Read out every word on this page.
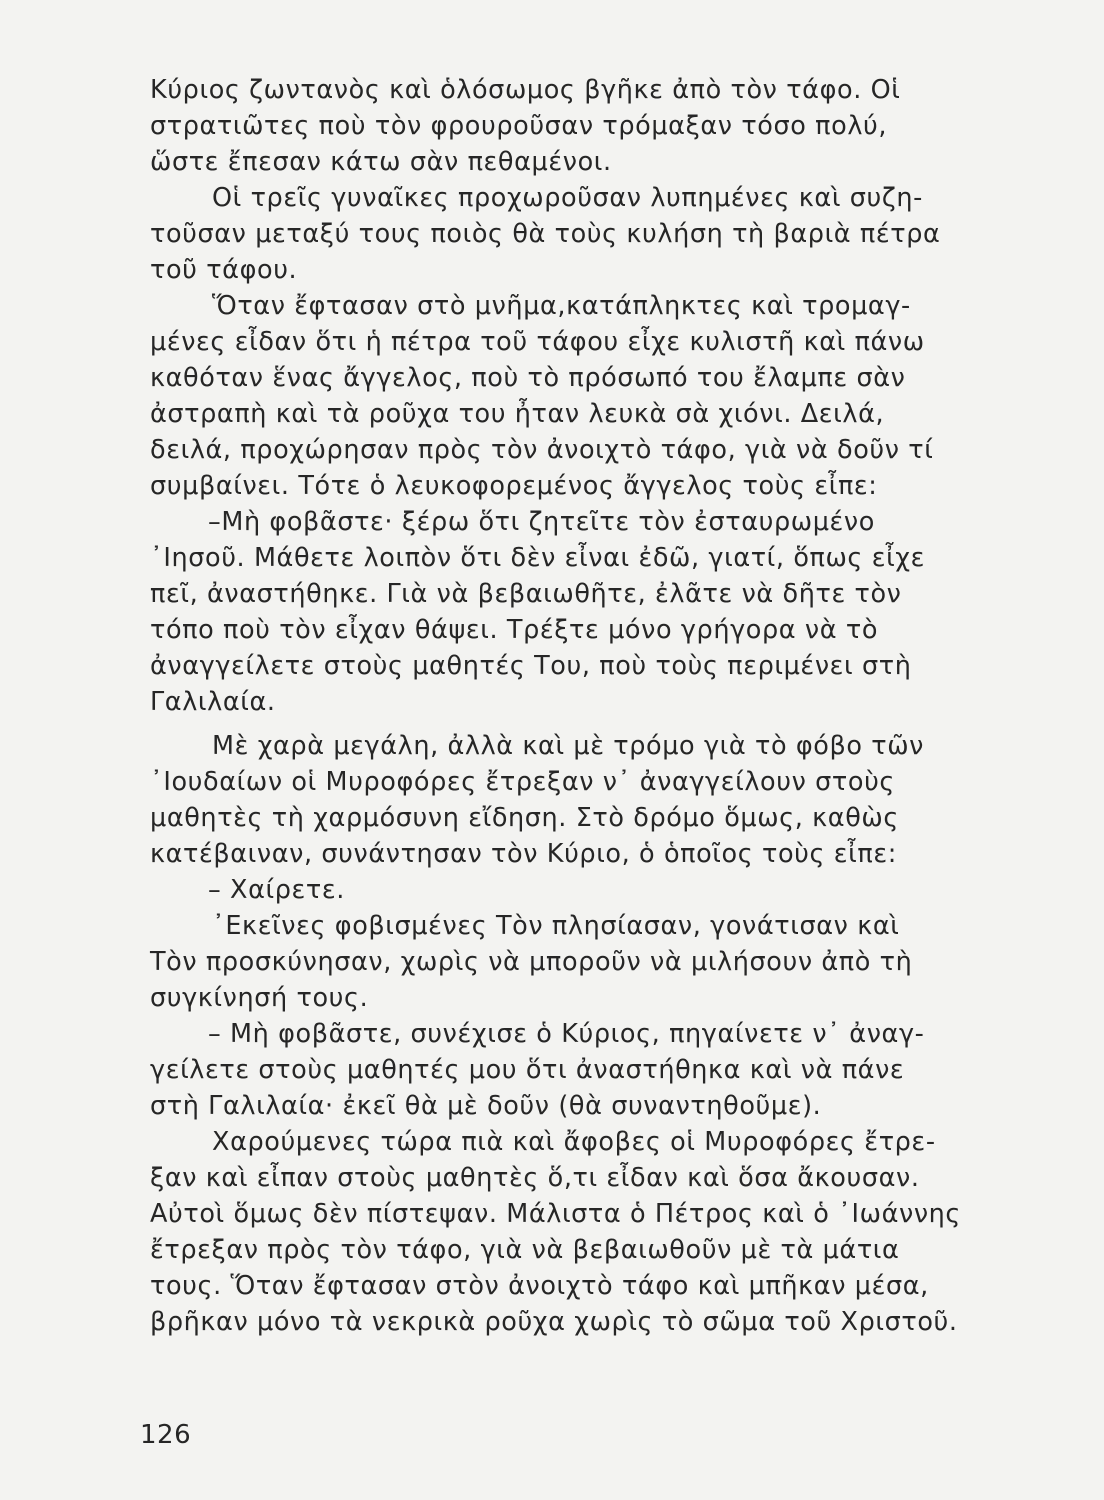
Κύριος ζωντανὸς καὶ ὁλόσωμος βγῆκε ἀπὸ τὸν τάφο. Οἱ
στρατιῶτες ποὺ τὸν φρουροῦσαν τρόμαξαν τόσο πολύ,
ὥστε ἔπεσαν κάτω σὰν πεθαμένοι.
Οἱ τρεῖς γυναῖκες προχωροῦσαν λυπημένες καὶ συζη-
τοῦσαν μεταξύ τους ποιὸς θὰ τοὺς κυλήση τὴ βαριὰ πέτρα
τοῦ τάφου.
Ὅταν ἔφτασαν στὸ μνῆμα,κατάπληκτες καὶ τρομαγ-
μένες εἶδαν ὅτι ἡ πέτρα τοῦ τάφου εἶχε κυλιστῆ καὶ πάνω
καθόταν ἕνας ἄγγελος, ποὺ τὸ πρόσωπό του ἔλαμπε σὰν
ἀστραπὴ καὶ τὰ ροῦχα του ἦταν λευκὰ σὰ χιόνι. Δειλά,
δειλά, προχώρησαν πρὸς τὸν ἀνοιχτὸ τάφο, γιὰ νὰ δοῦν τί
συμβαίνει. Τότε ὁ λευκοφορεμένος ἄγγελος τοὺς εἶπε:
–Μὴ φοβᾶστε· ξέρω ὅτι ζητεῖτε τὸν ἐσταυρωμένο
᾿Ιησοῦ. Μάθετε λοιπὸν ὅτι δὲν εἶναι ἐδῶ, γιατί, ὅπως εἶχε
πεῖ, ἀναστήθηκε. Γιὰ νὰ βεβαιωθῆτε, ἐλᾶτε νὰ δῆτε τὸν
τόπο ποὺ τὸν εἶχαν θάψει. Τρέξτε μόνο γρήγορα νὰ τὸ
ἀναγγείλετε στοὺς μαθητές Του, ποὺ τοὺς περιμένει στὴ
Γαλιλαία.
Μὲ χαρὰ μεγάλη, ἀλλὰ καὶ μὲ τρόμο γιὰ τὸ φόβο τῶν
᾿Ιουδαίων οἱ Μυροφόρες ἔτρεξαν ν᾿ ἀναγγείλουν στοὺς
μαθητὲς τὴ χαρμόσυνη εἴδηση. Στὸ δρόμο ὅμως, καθὼς
κατέβαιναν, συνάντησαν τὸν Κύριο, ὁ ὁποῖος τοὺς εἶπε:
– Χαίρετε.
᾿Εκεῖνες φοβισμένες Τὸν πλησίασαν, γονάτισαν καὶ
Τὸν προσκύνησαν, χωρὶς νὰ μποροῦν νὰ μιλήσουν ἀπὸ τὴ
συγκίνησή τους.
– Μὴ φοβᾶστε, συνέχισε ὁ Κύριος, πηγαίνετε ν᾿ ἀναγ-
γείλετε στοὺς μαθητές μου ὅτι ἀναστήθηκα καὶ νὰ πάνε
στὴ Γαλιλαία· ἐκεῖ θὰ μὲ δοῦν (θὰ συναντηθοῦμε).
Χαρούμενες τώρα πιὰ καὶ ἄφοβες οἱ Μυροφόρες ἔτρε-
ξαν καὶ εἶπαν στοὺς μαθητὲς ὅ,τι εἶδαν καὶ ὅσα ἄκουσαν.
Αὐτοὶ ὅμως δὲν πίστεψαν. Μάλιστα ὁ Πέτρος καὶ ὁ ᾿Ιωάννης
ἔτρεξαν πρὸς τὸν τάφο, γιὰ νὰ βεβαιωθοῦν μὲ τὰ μάτια
τους. Ὅταν ἔφτασαν στὸν ἀνοιχτὸ τάφο καὶ μπῆκαν μέσα,
βρῆκαν μόνο τὰ νεκρικὰ ροῦχα χωρὶς τὸ σῶμα τοῦ Χριστοῦ.
126
